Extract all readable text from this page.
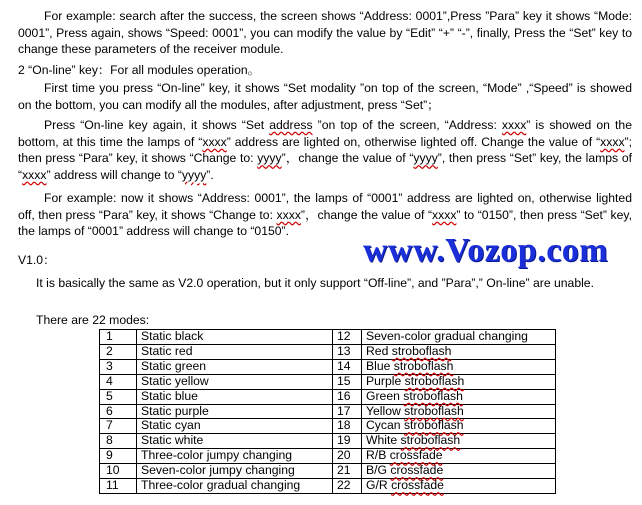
For example: search after the success, the screen shows “Address: 0001”,Press ”Para” key it shows “Mode: 0001”, Press again, shows “Speed: 0001”, you can modify the value by “Edit” “+” “-”, finally, Press the “Set” key to change these parameters of the receiver module.
2 “On-line” key：For all modules operation。
First time you press “On-line” key, it shows “Set modality ”on top of the screen, “Mode” ,“Speed” is showed on the bottom, you can modify all the modules, after adjustment, press “Set”；
Press “On-line key again, it shows “Set address ”on top of the screen, “Address: xxxx” is showed on the bottom, at this time the lamps of “xxxx” address are lighted on, otherwise lighted off. Change the value of “xxxx”; then press “Para” key, it shows “Change to: yyyy”，change the value of “yyyy”, then press “Set” key, the lamps of “xxxx” address will change to “yyyy”.
For example: now it shows “Address: 0001”, the lamps of “0001” address are lighted on, otherwise lighted off, then press “Para” key, it shows “Change to: xxxx”，change the value of “xxxx” to “0150”, then press “Set” key, the lamps of “0001” address will change to “0150”.
www.Vozop.com
V1.0：
It is basically the same as V2.0 operation, but it only support “Off-line”, and ”Para”,” On-line” are unable.
There are 22 modes:
1	Static black	12	Seven-color gradual changing
2	Static red	13	Red stroboflash
3	Static green	14	Blue stroboflash
4	Static yellow	15	Purple stroboflash
5	Static blue	16	Green stroboflash
6	Static purple	17	Yellow stroboflash
7	Static cyan	18	Cycan stroboflash
8	Static white	19	White stroboflash
9	Three-color jumpy changing	20	R/B crossfade
10	Seven-color jumpy changing	21	B/G crossfade
11	Three-color gradual changing	22	G/R crossfade
